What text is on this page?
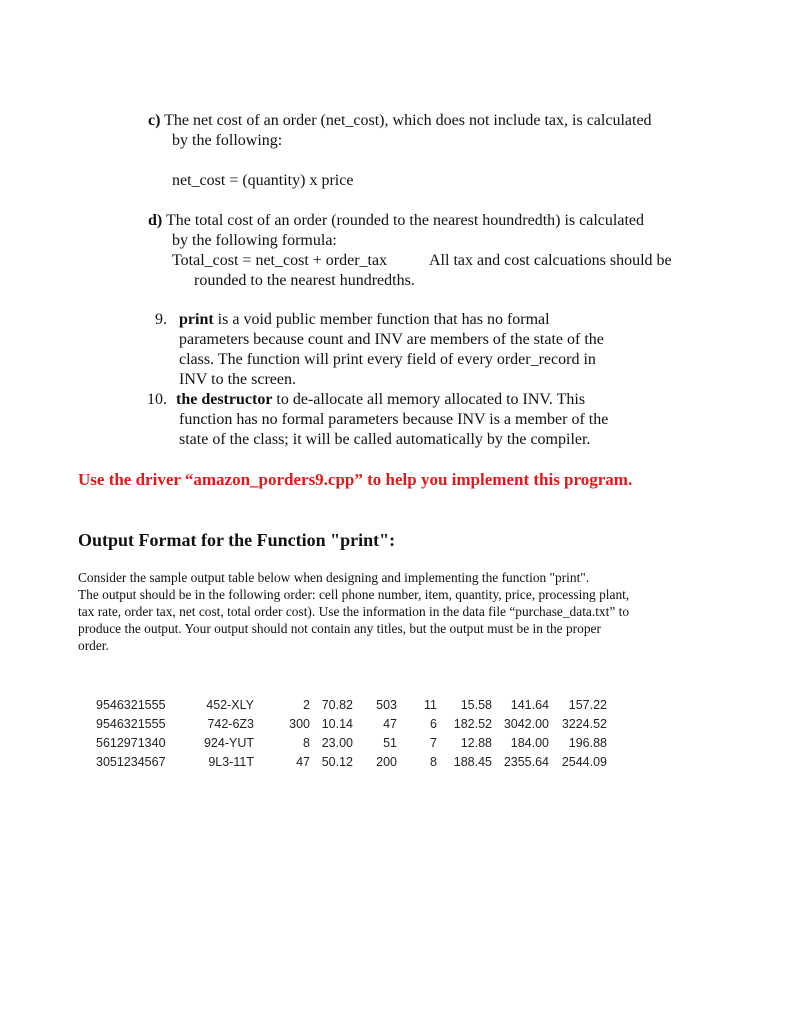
c) The net cost of an order (net_cost), which does not include tax, is calculated
by the following:
net_cost = (quantity) x price
d) The total cost of an order (rounded to the nearest houndredth) is calculated
by the following formula:
Total_cost = net_cost + order_tax	All tax and cost calcuations should be
rounded to the nearest hundredths.
9. print is a void public member function that has no formal
parameters because count and INV are members of the state of the
class. The function will print every field of every order_record in
INV to the screen.
10. the destructor to de-allocate all memory allocated to INV. This
function has no formal parameters because INV is a member of the
state of the class; it will be called automatically by the compiler.
Use the driver “amazon_porders9.cpp” to help you implement this program.
Output Format for the Function "print":
Consider the sample output table below when designing and implementing the function "print".
The output should be in the following order: cell phone number, item, quantity, price, processing plant,
tax rate, order tax, net cost, total order cost). Use the information in the data file “purchase_data.txt” to
produce the output. Your output should not contain any titles, but the output must be in the proper
order.
9546321555	452-XLY	2	70.82	503	11	15.58	141.64	157.22
9546321555	742-6Z3	300	10.14	47	6	182.52	3042.00	3224.52
5612971340	924-YUT	8	23.00	51	7	12.88	184.00	196.88
3051234567	9L3-11T	47	50.12	200	8	188.45	2355.64	2544.09
